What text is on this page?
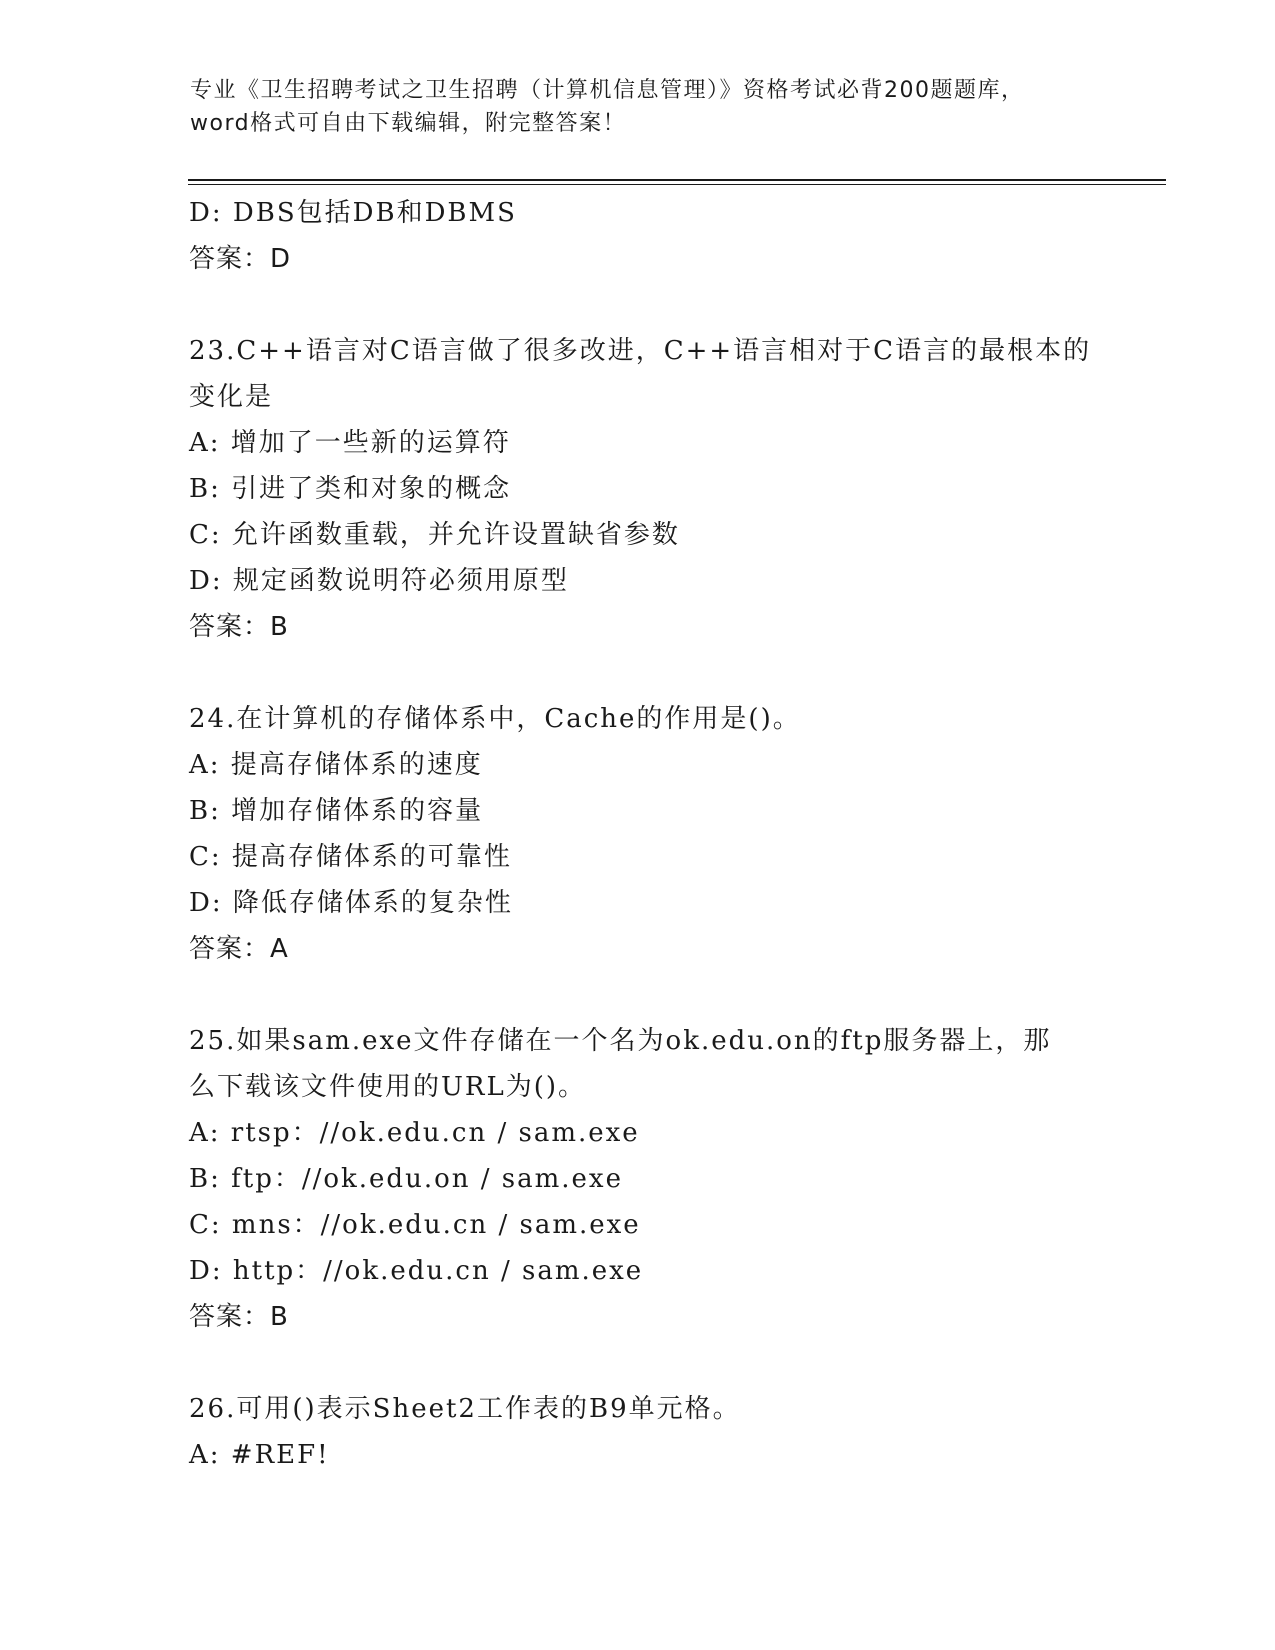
专业《卫生招聘考试之卫生招聘（计算机信息管理）》资格考试必背200题题库，
word格式可自由下载编辑，附完整答案！
D: DBS包括DB和DBMS
答案：D
23.C++语言对C语言做了很多改进，C++语言相对于C语言的最根本的
变化是
A: 增加了一些新的运算符
B: 引进了类和对象的概念
C: 允许函数重载，并允许设置缺省参数
D: 规定函数说明符必须用原型
答案：B
24.在计算机的存储体系中，Cache的作用是()。
A: 提高存储体系的速度
B: 增加存储体系的容量
C: 提高存储体系的可靠性
D: 降低存储体系的复杂性
答案：A
25.如果sam.exe文件存储在一个名为ok.edu.on的ftp服务器上，那
么下载该文件使用的URL为()。
A: rtsp：//ok.edu.cn / sam.exe
B: ftp：//ok.edu.on / sam.exe
C: mns：//ok.edu.cn / sam.exe
D: http：//ok.edu.cn / sam.exe
答案：B
26.可用()表示Sheet2工作表的B9单元格。
A: #REF!
